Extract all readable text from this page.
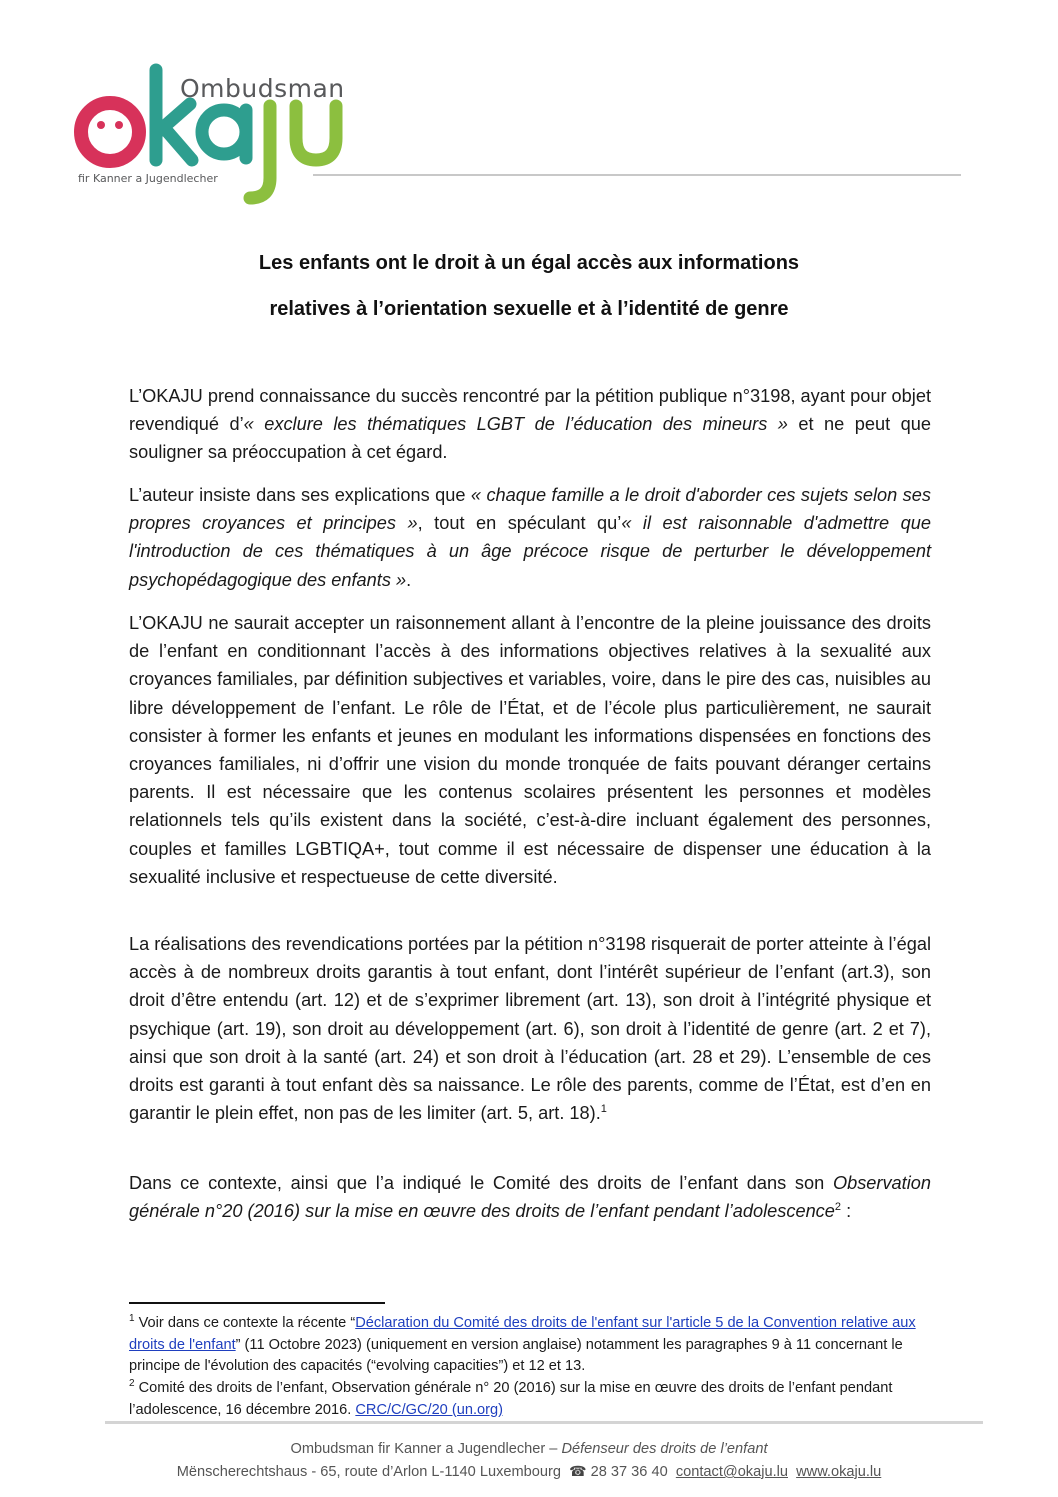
Ombudsman
fir Kanner a Jugendlecher
Les enfants ont le droit à un égal accès aux informations
relatives à l’orientation sexuelle et à l’identité de genre

L’OKAJU prend connaissance du succès rencontré par la pétition publique n°3198, ayant pour objet revendiqué d’« exclure les thématiques LGBT de l’éducation des mineurs » et ne peut que souligner sa préoccupation à cet égard.

L’auteur insiste dans ses explications que « chaque famille a le droit d'aborder ces sujets selon ses propres croyances et principes », tout en spéculant qu’« il est raisonnable d'admettre que l'introduction de ces thématiques à un âge précoce risque de perturber le développement psychopédagogique des enfants ».

L’OKAJU ne saurait accepter un raisonnement allant à l’encontre de la pleine jouissance des droits de l’enfant en conditionnant l’accès à des informations objectives relatives à la sexualité aux croyances familiales, par définition subjectives et variables, voire, dans le pire des cas, nuisibles au libre développement de l’enfant. Le rôle de l’État, et de l’école plus particulièrement, ne saurait consister à former les enfants et jeunes en modulant les informations dispensées en fonctions des croyances familiales, ni d’offrir une vision du monde tronquée de faits pouvant déranger certains parents. Il est nécessaire que les contenus scolaires présentent les personnes et modèles relationnels tels qu’ils existent dans la société, c’est-à-dire incluant également des personnes, couples et familles LGBTIQA+, tout comme il est nécessaire de dispenser une éducation à la sexualité inclusive et respectueuse de cette diversité.

La réalisations des revendications portées par la pétition n°3198 risquerait de porter atteinte à l’égal accès à de nombreux droits garantis à tout enfant, dont l’intérêt supérieur de l’enfant (art.3), son droit d’être entendu (art. 12) et de s’exprimer librement (art. 13), son droit à l’intégrité physique et psychique (art. 19), son droit au développement (art. 6), son droit à l’identité de genre (art. 2 et 7), ainsi que son droit à la santé (art. 24) et son droit à l’éducation (art. 28 et 29). L’ensemble de ces droits est garanti à tout enfant dès sa naissance. Le rôle des parents, comme de l’État, est d’en en garantir le plein effet, non pas de les limiter (art. 5, art. 18).$^1$

Dans ce contexte, ainsi que l’a indiqué le Comité des droits de l’enfant dans son Observation générale n°20 (2016) sur la mise en œuvre des droits de l’enfant pendant l’adolescence$^2$ :

$^1$ Voir dans ce contexte la récente “Déclaration du Comité des droits de l'enfant sur l'article 5 de la Convention relative aux droits de l'enfant” (11 Octobre 2023) (uniquement en version anglaise) notamment les paragraphes 9 à 11 concernant le principe de l'évolution des capacités (“evolving capacities”) et 12 et 13.
$^2$ Comité des droits de l’enfant, Observation générale n° 20 (2016) sur la mise en œuvre des droits de l’enfant pendant l’adolescence, 16 décembre 2016. CRC/C/GC/20 (un.org)
Ombudsman fir Kanner a Jugendlecher – Défenseur des droits de l’enfant
Mënscherechtshaus - 65, route d’Arlon L-1140 Luxembourg ☎ 28 37 36 40 contact@okaju.lu www.okaju.lu
